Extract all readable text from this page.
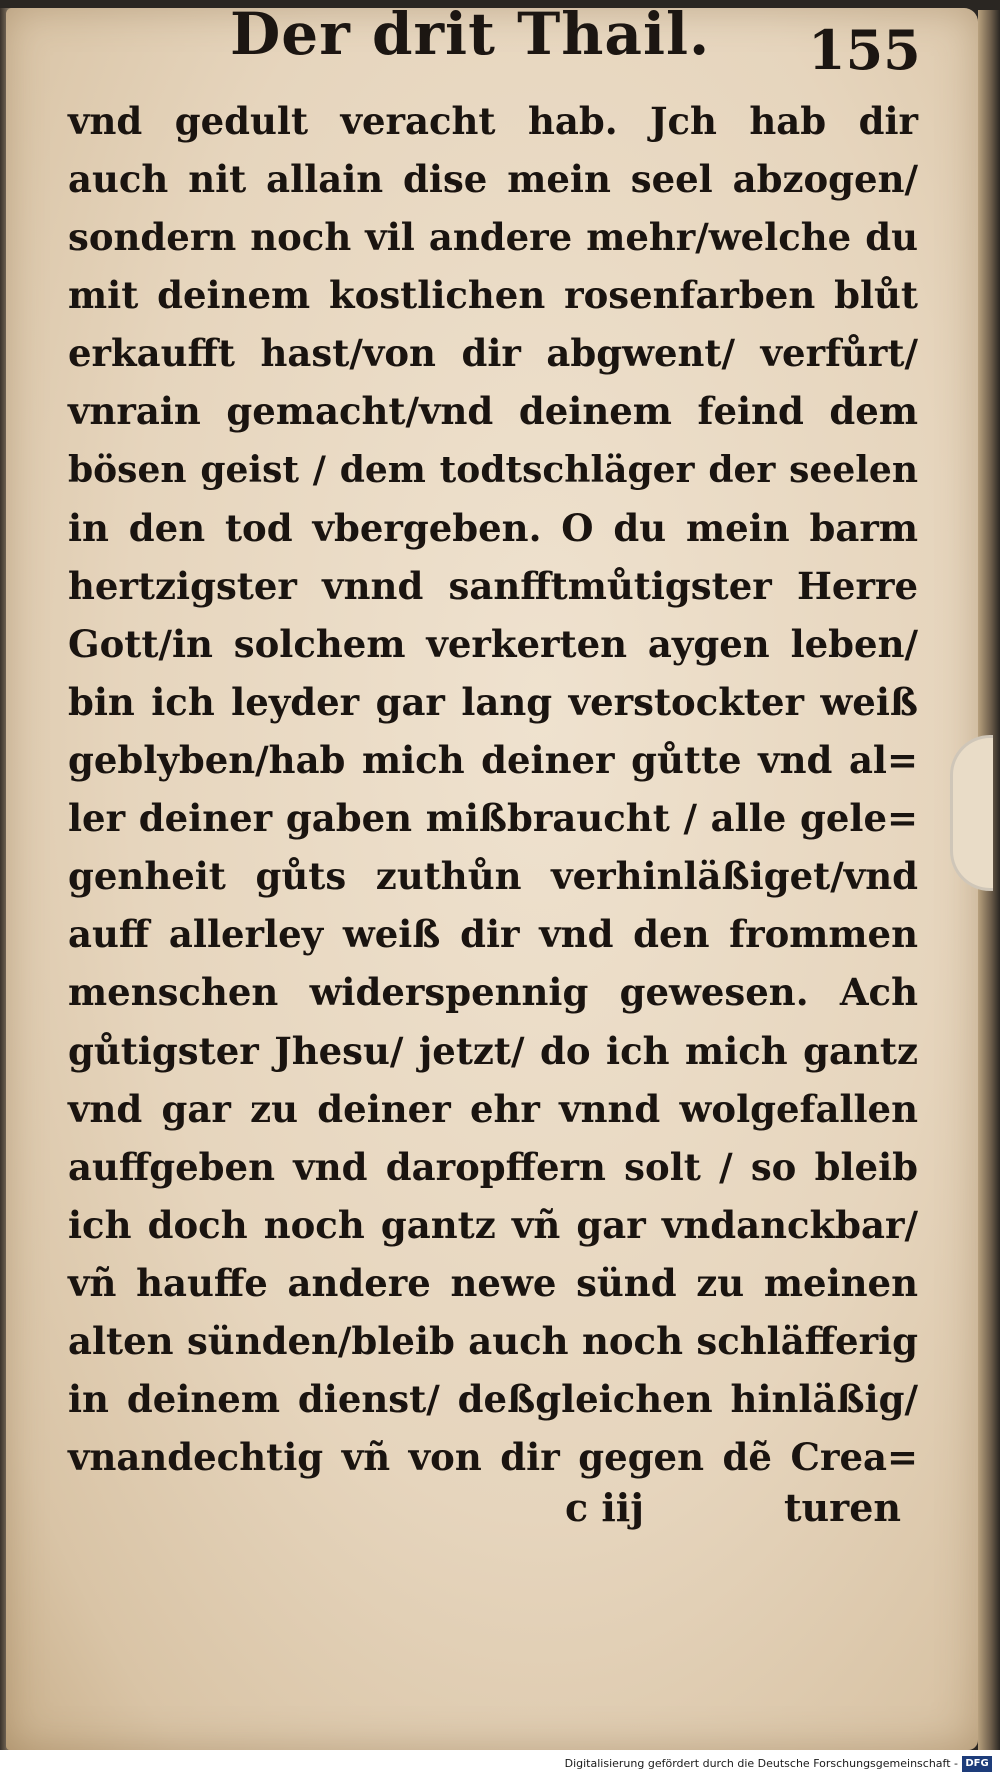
Der drit Thail. 155
vnd gedult veracht hab. Jch hab dir
auch nit allain dise mein seel abzogen/
sondern noch vil andere mehr/welche du
mit deinem kostlichen rosenfarben blůt
erkaufft hast/von dir abgwent/ verfůrt/
vnrain gemacht/vnd deinem feind dem
bösen geist / dem todtschläger der seelen
in den tod vbergeben. O du mein barm
hertzigster vnnd sanfftmůtigster Herre
Gott/in solchem verkerten aygen leben/
bin ich leyder gar lang verstockter weiß
geblyben/hab mich deiner gůtte vnd al=
ler deiner gaben mißbraucht / alle gele=
genheit gůts zuthůn verhinläßiget/vnd
auff allerley weiß dir vnd den frommen
menschen widerspennig gewesen. Ach
gůtigster Jhesu/ jetzt/ do ich mich gantz
vnd gar zu deiner ehr vnnd wolgefallen
auffgeben vnd daropffern solt / so bleib
ich doch noch gantz vñ gar vndanckbar/
vñ hauffe andere newe sünd zu meinen
alten sünden/bleib auch noch schläfferig
in deinem dienst/ deßgleichen hinläßig/
vnandechtig vñ von dir gegen dẽ Crea=
c iij	turen
Digitalisierung gefördert durch die Deutsche Forschungsgemeinschaft - DFG
